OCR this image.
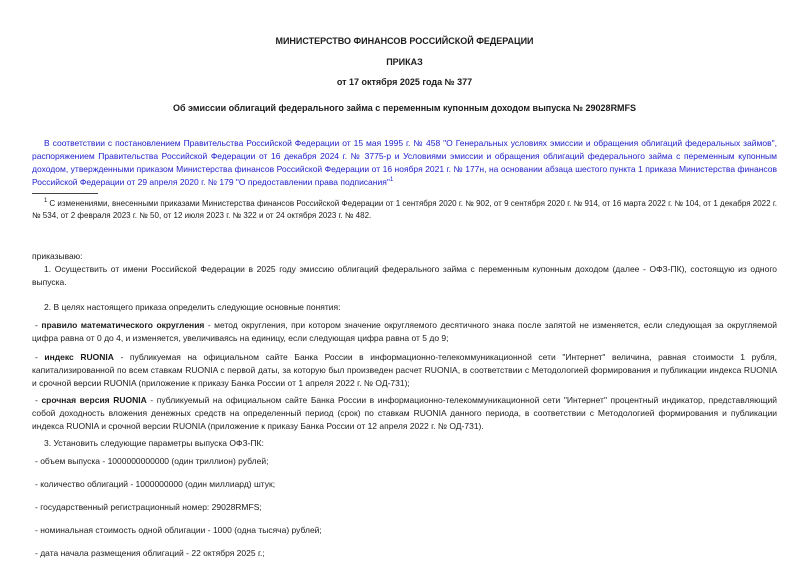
МИНИСТЕРСТВО ФИНАНСОВ РОССИЙСКОЙ ФЕДЕРАЦИИ
ПРИКАЗ
от 17 октября 2025 года № 377
Об эмиссии облигаций федерального займа с переменным купонным доходом выпуска № 29028RMFS

В соответствии с постановлением Правительства Российской Федерации от 15 мая 1995 г. № 458 "О Генеральных условиях эмиссии и обращения облигаций федеральных займов", распоряжением Правительства Российской Федерации от 16 декабря 2024 г. № 3775-р и Условиями эмиссии и обращения облигаций федерального займа с переменным купонным доходом, утвержденными приказом Министерства финансов Российской Федерации от 16 ноября 2021 г. № 177н, на основании абзаца шестого пункта 1 приказа Министерства финансов Российской Федерации от 29 апреля 2020 г. № 179 "О предоставлении права подписания"$^1$

$^1$ С изменениями, внесенными приказами Министерства финансов Российской Федерации от 1 сентября 2020 г. № 902, от 9 сентября 2020 г. № 914, от 16 марта 2022 г. № 104, от 1 декабря 2022 г. № 534, от 2 февраля 2023 г. № 50, от 12 июля 2023 г. № 322 и от 24 октября 2023 г. № 482.

приказываю:

1. Осуществить от имени Российской Федерации в 2025 году эмиссию облигаций федерального займа с переменным купонным доходом (далее - ОФЗ-ПК), состоящую из одного выпуска.

2. В целях настоящего приказа определить следующие основные понятия:

- правило математического округления - метод округления, при котором значение округляемого десятичного знака после запятой не изменяется, если следующая за округляемой цифра равна от 0 до 4, и изменяется, увеличиваясь на единицу, если следующая цифра равна от 5 до 9;

- индекс RUONIA - публикуемая на официальном сайте Банка России в информационно-телекоммуникационной сети "Интернет" величина, равная стоимости 1 рубля, капитализированной по всем ставкам RUONIA с первой даты, за которую был произведен расчет RUONIA, в соответствии с Методологией формирования и публикации индекса RUONIA и срочной версии RUONIA (приложение к приказу Банка России от 1 апреля 2022 г. № ОД-731);

- срочная версия RUONIA - публикуемый на официальном сайте Банка России в информационно-телекоммуникационной сети "Интернет" процентный индикатор, представляющий собой доходность вложения денежных средств на определенный период (срок) по ставкам RUONIA данного периода, в соответствии с Методологией формирования и публикации индекса RUONIA и срочной версии RUONIA (приложение к приказу Банка России от 12 апреля 2022 г. № ОД-731).

3. Установить следующие параметры выпуска ОФЗ-ПК:

- объем выпуска - 1000000000000 (один триллион) рублей;

- количество облигаций - 1000000000 (один миллиард) штук;

- государственный регистрационный номер: 29028RMFS;

- номинальная стоимость одной облигации - 1000 (одна тысяча) рублей;

- дата начала размещения облигаций - 22 октября 2025 г.;
